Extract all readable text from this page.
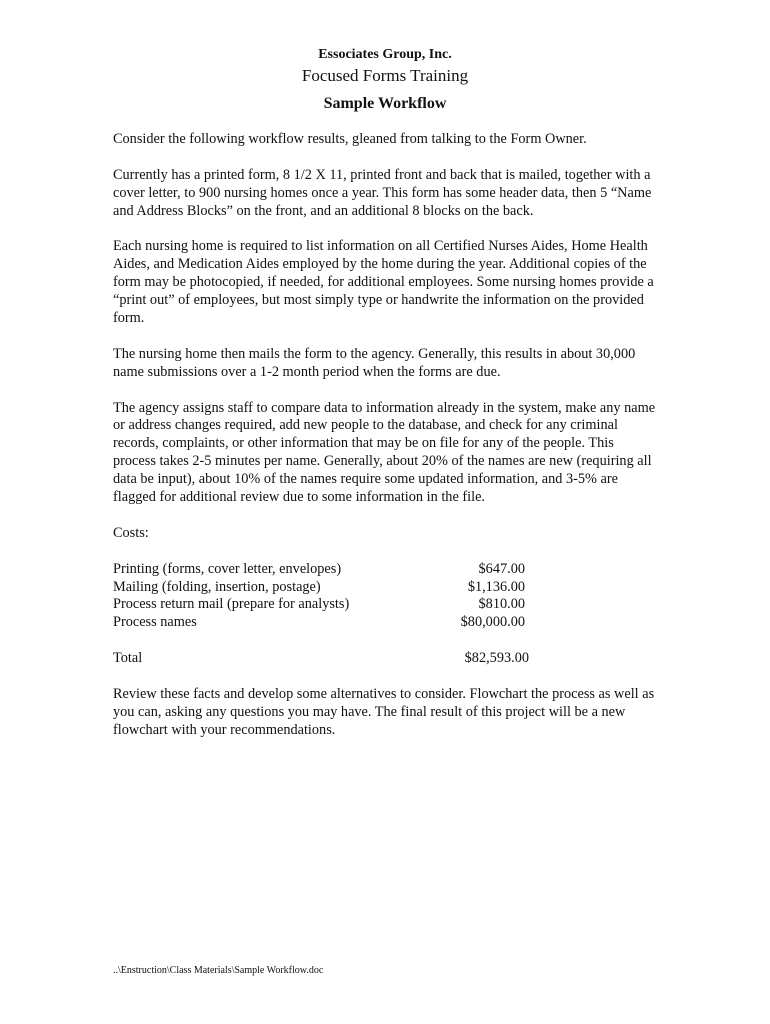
Essociates Group, Inc.
Focused Forms Training
Sample Workflow

Consider the following workflow results, gleaned from talking to the Form Owner.

Currently has a printed form, 8 1/2 X 11, printed front and back that is mailed, together with a cover letter, to 900 nursing homes once a year. This form has some header data, then 5 “Name and Address Blocks” on the front, and an additional 8 blocks on the back.

Each nursing home is required to list information on all Certified Nurses Aides, Home Health Aides, and Medication Aides employed by the home during the year. Additional copies of the form may be photocopied, if needed, for additional employees. Some nursing homes provide a “print out” of employees, but most simply type or handwrite the information on the provided form.

The nursing home then mails the form to the agency. Generally, this results in about 30,000 name submissions over a 1-2 month period when the forms are due.

The agency assigns staff to compare data to information already in the system, make any name or address changes required, add new people to the database, and check for any criminal records, complaints, or other information that may be on file for any of the people. This process takes 2-5 minutes per name. Generally, about 20% of the names are new (requiring all data be input), about 10% of the names require some updated information, and 3-5% are flagged for additional review due to some information in the file.

Costs:

Printing (forms, cover letter, envelopes)	$647.00
Mailing (folding, insertion, postage)	$1,136.00
Process return mail (prepare for analysts)	$810.00
Process names	$80,000.00
Total	$82,593.00

Review these facts and develop some alternatives to consider. Flowchart the process as well as you can, asking any questions you may have. The final result of this project will be a new flowchart with your recommendations.

..\Enstruction\Class Materials\Sample Workflow.doc
